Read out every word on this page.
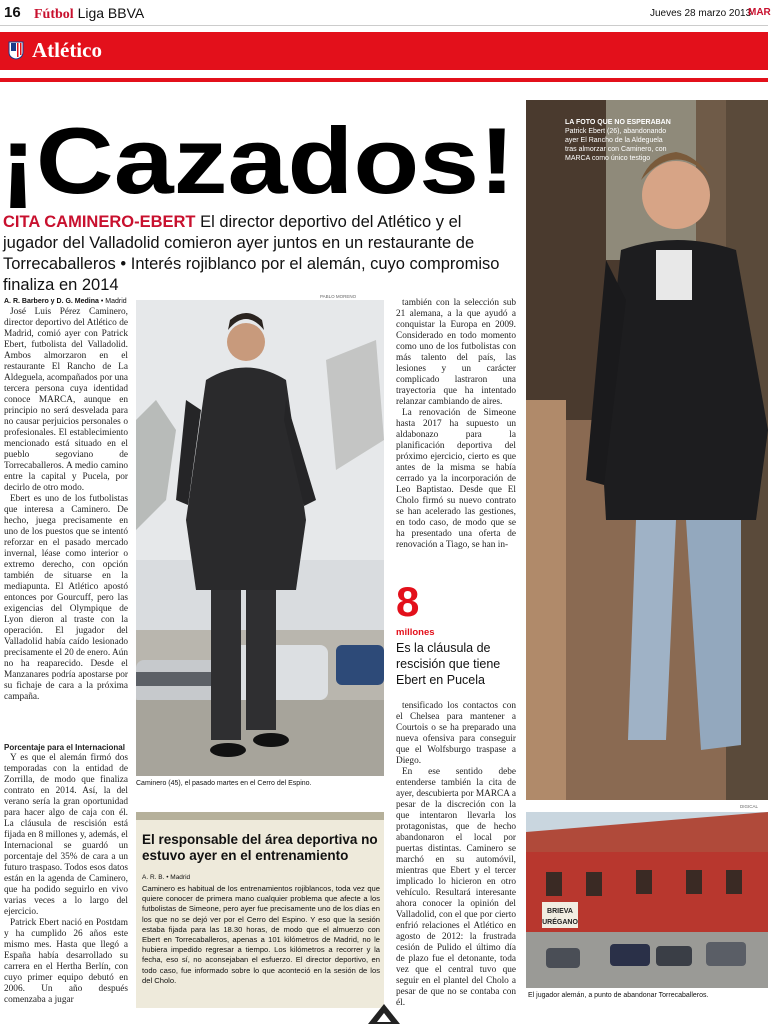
16 Fútbol Liga BBVA	Jueves 28 marzo 2013
MAR
Atlético
¡Cazados!
CITA CAMINERO-EBERT El director deportivo del Atlético y el jugador del Valladolid comieron ayer juntos en un restaurante de Torrecaballeros • Interés rojiblanco por el alemán, cuyo compromiso finaliza en 2014
A. R. Barbero y D. G. Medina • Madrid
PABLO MORENO

José Luis Pérez Caminero, director deportivo del Atlético de Madrid, comió ayer con Patrick Ebert, futbolista del Valladolid. Ambos almorzaron en el restaurante El Rancho de La Aldeguela, acompañados por una tercera persona cuya identidad conoce MARCA, aunque en principio no será desvelada para no causar perjuicios personales o profesionales. El establecimiento mencionado está situado en el pueblo segoviano de Torrecaballeros. A medio camino entre la capital y Pucela, por decirlo de otro modo.

Ebert es uno de los futbolistas que interesa a Caminero. De hecho, juega precisamente en uno de los puestos que se intentó reforzar en el pasado mercado invernal, léase como interior o extremo derecho, con opción también de situarse en la mediapunta. El Atlético apostó entonces por Gourcuff, pero las exigencias del Olympique de Lyon dieron al traste con la operación. El jugador del Valladolid había caído lesionado precisamente el 20 de enero. Aún no ha reaparecido. Desde el Manzanares podría apostarse por su fichaje de cara a la próxima campaña.

Porcentaje para el Internacional

Y es que el alemán firmó dos temporadas con la entidad de Zorrilla, de modo que finaliza contrato en 2014. Así, la del verano sería la gran oportunidad para hacer algo de caja con él. La cláusula de rescisión está fijada en 8 millones y, además, el Internacional se guardó un porcentaje del 35% de cara a un futuro traspaso. Todos esos datos están en la agenda de Caminero, que ha podido seguirlo en vivo varias veces a lo largo del ejercicio.

Patrick Ebert nació en Postdam y ha cumplido 26 años este mismo mes. Hasta que llegó a España había desarrollado su carrera en el Hertha Berlín, con cuyo primer equipo debutó en 2006. Un año después comenzaba a jugar

Caminero (45), el pasado martes en el Cerro del Espino.

también con la selección sub 21 alemana, a la que ayudó a conquistar la Europa en 2009. Considerado en todo momento como uno de los futbolistas con más talento del país, las lesiones y un carácter complicado lastraron una trayectoria que ha intentado relanzar cambiando de aires.

La renovación de Simeone hasta 2017 ha supuesto un aldabonazo para la planificación deportiva del próximo ejercicio, cierto es que antes de la misma se había cerrado ya la incorporación de Leo Baptistao. Desde que El Cholo firmó su nuevo contrato se han acelerado las gestiones, en todo caso, de modo que se ha presentado una oferta de renovación a Tiago, se han in-

8
millones
Es la cláusula de rescisión que tiene Ebert en Pucela

tensificado los contactos con el Chelsea para mantener a Courtois o se ha preparado una nueva ofensiva para conseguir que el Wolfsburgo traspase a Diego.

En ese sentido debe entenderse también la cita de ayer, descubierta por MARCA a pesar de la discreción con la que intentaron llevarla los protagonistas, que de hecho abandonaron el local por puertas distintas. Caminero se marchó en su automóvil, mientras que Ebert y el tercer implicado lo hicieron en otro vehículo. Resultará interesante ahora conocer la opinión del Valladolid, con el que por cierto enfrió relaciones el Atlético en agosto de 2012: la frustrada cesión de Pulido el último día de plazo fue el detonante, toda vez que el central tuvo que seguir en el plantel del Cholo a pesar de que no se contaba con él.

LA FOTO QUE NO ESPERABAN Patrick Ebert (26), abandonando ayer El Rancho de la Aldeguela tras almorzar con Caminero, con MARCA como único testigo
DIGICAL
BRIEVA
URÉGANO
El jugador alemán, a punto de abandonar Torrecaballeros.
El responsable del área deportiva no estuvo ayer en el entrenamiento
A. R. B. • Madrid
Caminero es habitual de los entrenamientos rojiblancos, toda vez que quiere conocer de primera mano cualquier problema que afecte a los futbolistas de Simeone, pero ayer fue precisamente uno de los días en los que no se dejó ver por el Cerro del Espino. Y eso que la sesión estaba fijada para las 18.30 horas, de modo que el almuerzo con Ebert en Torrecaballeros, apenas a 101 kilómetros de Madrid, no le hubiera impedido regresar a tiempo. Los kilómetros a recorrer y la fecha, eso sí, no aconsejaban el esfuerzo. El director deportivo, en todo caso, fue informado sobre lo que aconteció en la sesión de los del Cholo.
